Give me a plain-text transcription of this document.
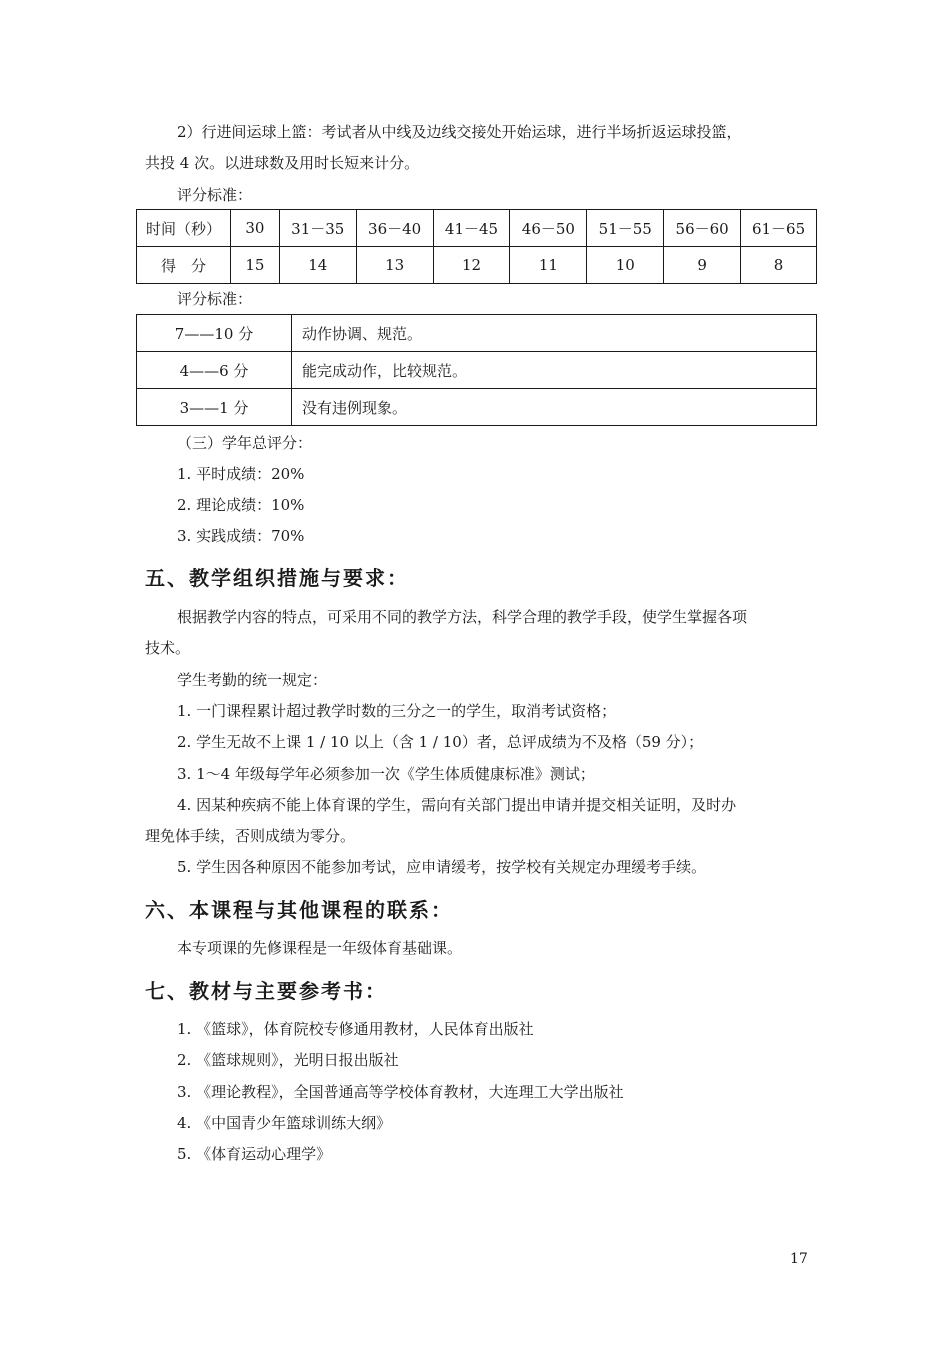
2）行进间运球上篮：考试者从中线及边线交接处开始运球，进行半场折返运球投篮，
共投 4 次。以进球数及用时长短来计分。
评分标准：
时间（秒）	30	31－35	36－40	41－45	46－50	51－55	56－60	61－65
得　分	15	14	13	12	11	10	9	8
评分标准：
7——10 分	动作协调、规范。
4——6 分	能完成动作，比较规范。
3——1 分	没有违例现象。
（三）学年总评分：
1. 平时成绩：20%
2. 理论成绩：10%
3. 实践成绩：70%
五、教学组织措施与要求：
根据教学内容的特点，可采用不同的教学方法，科学合理的教学手段，使学生掌握各项
技术。
学生考勤的统一规定：
1. 一门课程累计超过教学时数的三分之一的学生，取消考试资格；
2. 学生无故不上课 1 / 10 以上（含 1 / 10）者，总评成绩为不及格（59 分）；
3. 1～4 年级每学年必须参加一次《学生体质健康标准》测试；
4. 因某种疾病不能上体育课的学生，需向有关部门提出申请并提交相关证明，及时办
理免体手续，否则成绩为零分。
5. 学生因各种原因不能参加考试，应申请缓考，按学校有关规定办理缓考手续。
六、本课程与其他课程的联系：
本专项课的先修课程是一年级体育基础课。
七、教材与主要参考书：
1. 《篮球》，体育院校专修通用教材，人民体育出版社
2. 《篮球规则》，光明日报出版社
3. 《理论教程》，全国普通高等学校体育教材，大连理工大学出版社
4. 《中国青少年篮球训练大纲》
5. 《体育运动心理学》
17
